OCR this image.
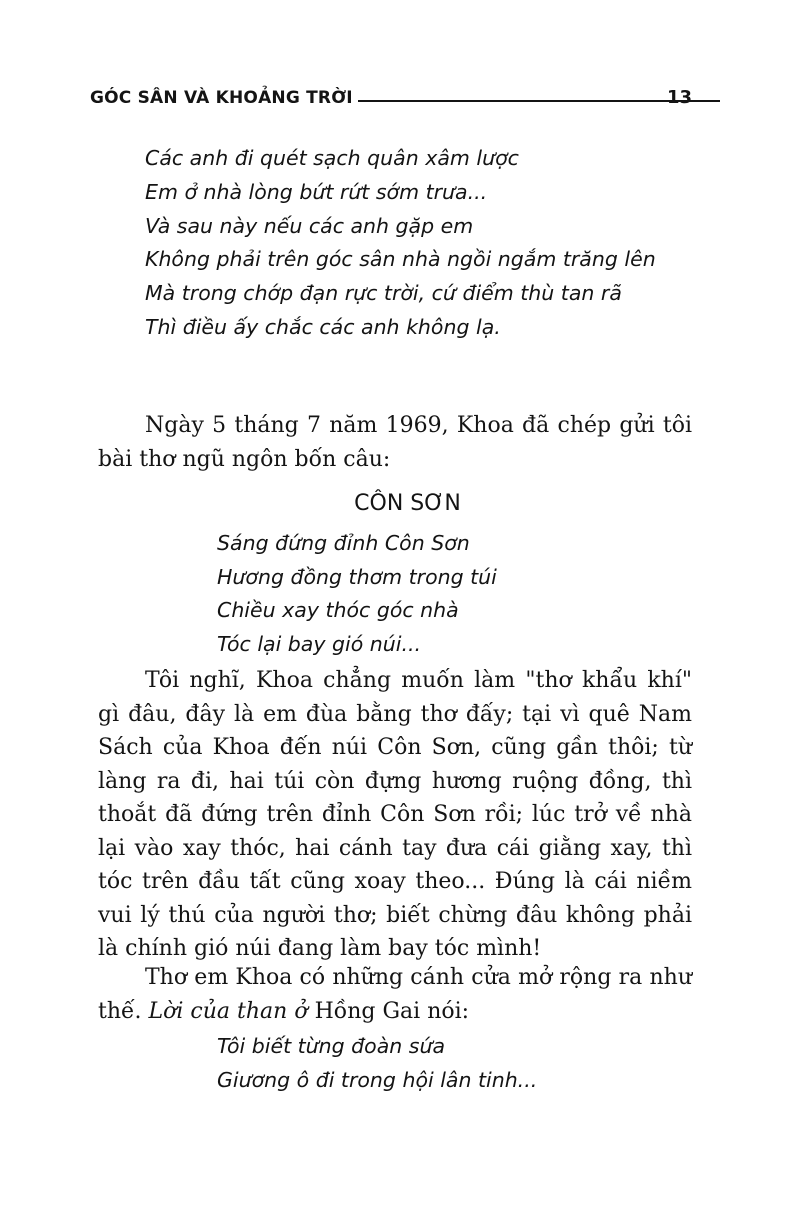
GÓC SÂN VÀ KHOẢNG TRỜI	13
Các anh đi quét sạch quân xâm lược
Em ở nhà lòng bứt rứt sớm trưa...
Và sau này nếu các anh gặp em
Không phải trên góc sân nhà ngồi ngắm trăng lên
Mà trong chớp đạn rực trời, cứ điểm thù tan rã
Thì điều ấy chắc các anh không lạ.

Ngày 5 tháng 7 năm 1969, Khoa đã chép gửi tôi bài thơ ngũ ngôn bốn câu:

CÔN SƠN
Sáng đứng đỉnh Côn Sơn
Hương đồng thơm trong túi
Chiều xay thóc góc nhà
Tóc lại bay gió núi...

Tôi nghĩ, Khoa chẳng muốn làm "thơ khẩu khí" gì đâu, đây là em đùa bằng thơ đấy; tại vì quê Nam Sách của Khoa đến núi Côn Sơn, cũng gần thôi; từ làng ra đi, hai túi còn đựng hương ruộng đồng, thì thoắt đã đứng trên đỉnh Côn Sơn rồi; lúc trở về nhà lại vào xay thóc, hai cánh tay đưa cái giằng xay, thì tóc trên đầu tất cũng xoay theo... Đúng là cái niềm vui lý thú của người thơ; biết chừng đâu không phải là chính gió núi đang làm bay tóc mình!

Thơ em Khoa có những cánh cửa mở rộng ra như thế. Lời của than ở Hồng Gai nói:

Tôi biết từng đoàn sứa
Giương ô đi trong hội lân tinh...
